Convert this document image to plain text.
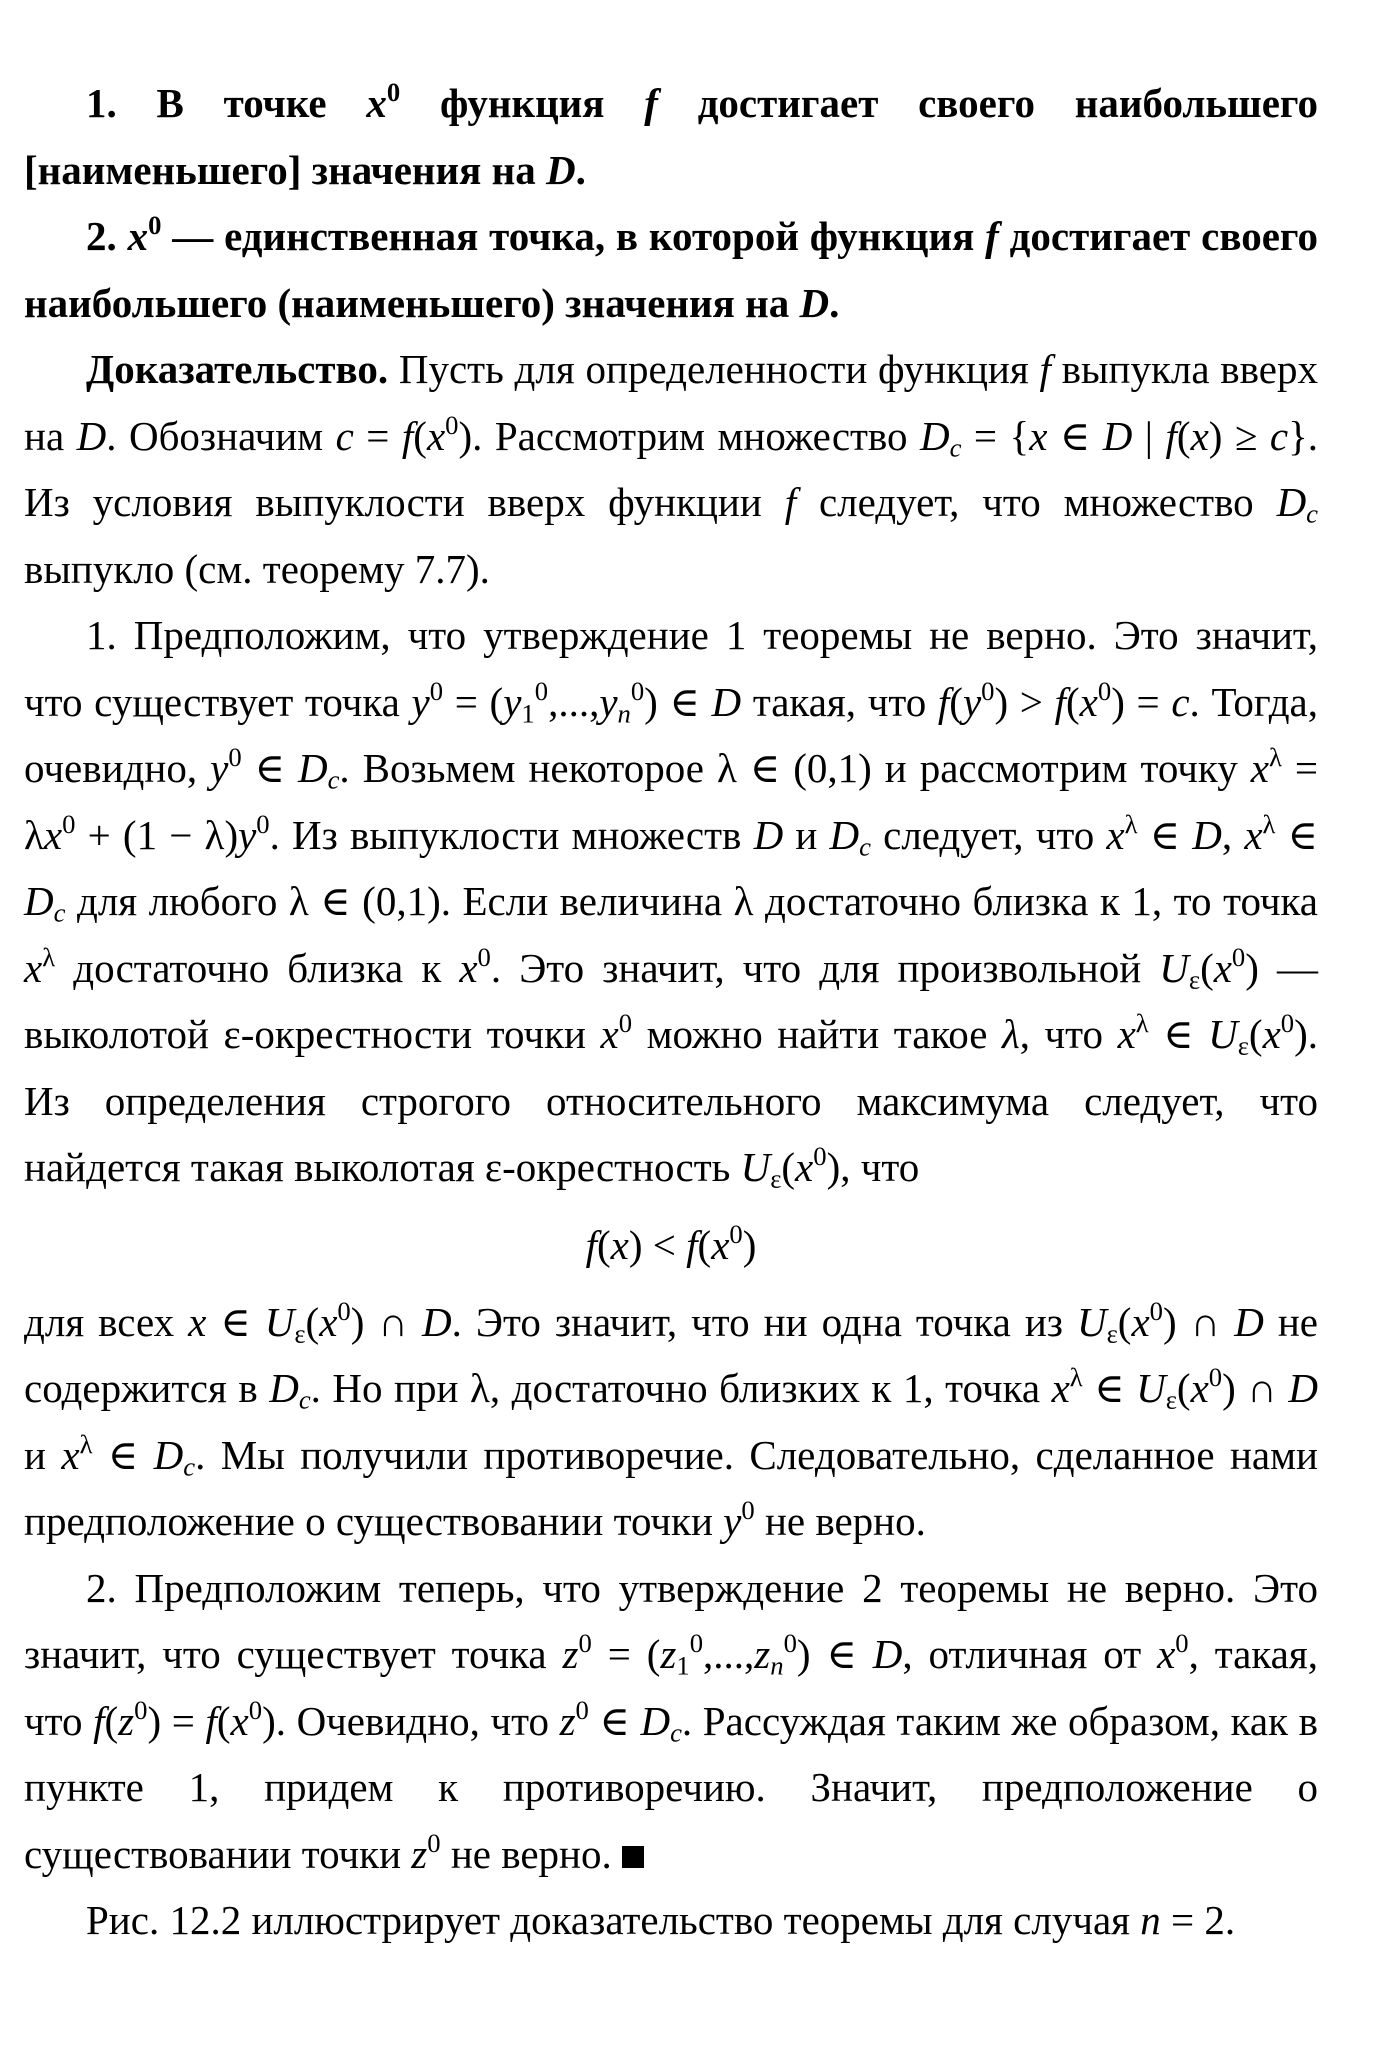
1. В точке $x^0$ функция f достигает своего наибольшего [наименьшего] значения на D.

2. $x^0$ — единственная точка, в которой функция f достигает своего наибольшего (наименьшего) значения на D.

Доказательство. Пусть для определенности функция f выпукла вверх на D. Обозначим $c = f(x^0)$. Рассмотрим множество $D_c = \{x$ ∈ D | f(x) ≥ c}. Из условия выпуклости вверх функции f следует, что множество $D_c$ выпукло (см. теорему 7.7).

1. Предположим, что утверждение 1 теоремы не верно. Это значит, что существует точка $y^0 = (y_1^0,...,y_n^0)$ ∈ D такая, что $f(y^0) > f(x^0) = c$. Тогда, очевидно, $y^0$ ∈ $D_c$. Возьмем некоторое λ ∈ (0,1) и рассмотрим точку $x^\lambda = \lambda x^0 + (1 - \lambda)y^0$. Из выпуклости множеств D и $D_c$ следует, что $x^\lambda$ ∈ D, $x^\lambda$ ∈ $D_c$ для любого λ ∈ (0,1). Если величина λ достаточно близка к 1, то точка $x^\lambda$ достаточно близка к $x^0$. Это значит, что для произвольной $U_\varepsilon(x^0)$ — выколотой ε-окрестности точки $x^0$ можно найти такое λ, что $x^\lambda$ ∈ $U_\varepsilon(x^0)$. Из определения строгого относительного максимума следует, что найдется такая выколотая ε-окрестность $U_\varepsilon(x^0)$, что

$f(x) < f(x^0)$

для всех x ∈ $U_\varepsilon(x^0)$ ∩ D. Это значит, что ни одна точка из $U_\varepsilon(x^0)$ ∩ D не содержится в $D_c$. Но при λ, достаточно близких к 1, точка $x^\lambda$ ∈ $U_\varepsilon(x^0)$ ∩ D и $x^\lambda$ ∈ $D_c$. Мы получили противоречие. Следовательно, сделанное нами предположение о существовании точки $y^0$ не верно.

2. Предположим теперь, что утверждение 2 теоремы не верно. Это значит, что существует точка $z^0 = (z_1^0,...,z_n^0)$ ∈ D, отличная от $x^0$, такая, что $f(z^0) = f(x^0)$. Очевидно, что $z^0$ ∈ $D_c$. Рассуждая таким же образом, как в пункте 1, придем к противоречию. Значит, предположение о существовании точки $z^0$ не верно.

Рис. 12.2 иллюстрирует доказательство теоремы для случая n = 2.
